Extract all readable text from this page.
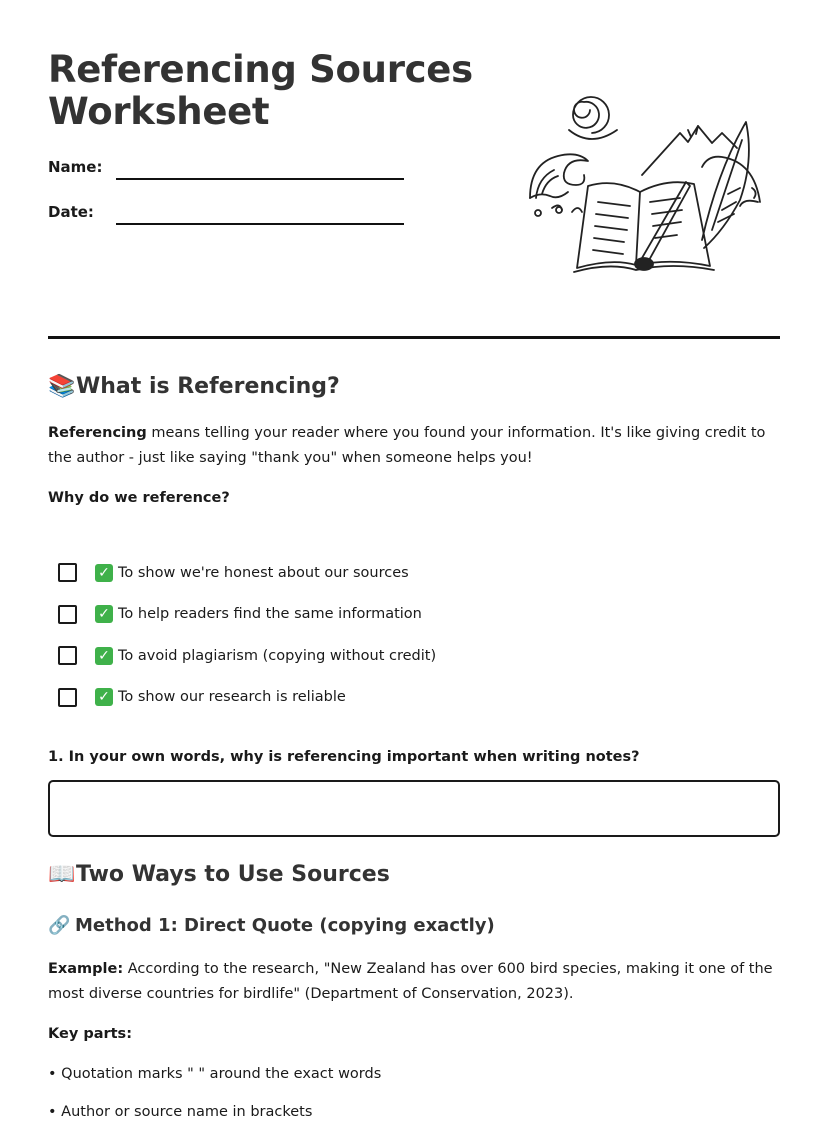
Referencing Sources
Worksheet
Name:
Date:
📚What is Referencing?

Referencing means telling your reader where you found your information. It's like giving credit to the author - just like saying "thank you" when someone helps you!

Why do we reference?

✓ To show we're honest about our sources
✓ To help readers find the same information
✓ To avoid plagiarism (copying without credit)
✓ To show our research is reliable

1. In your own words, why is referencing important when writing notes?

📖Two Ways to Use Sources
🔗 Method 1: Direct Quote (copying exactly)

Example: According to the research, "New Zealand has over 600 bird species, making it one of the most diverse countries for birdlife" (Department of Conservation, 2023).

Key parts:

• Quotation marks " " around the exact words

• Author or source name in brackets
